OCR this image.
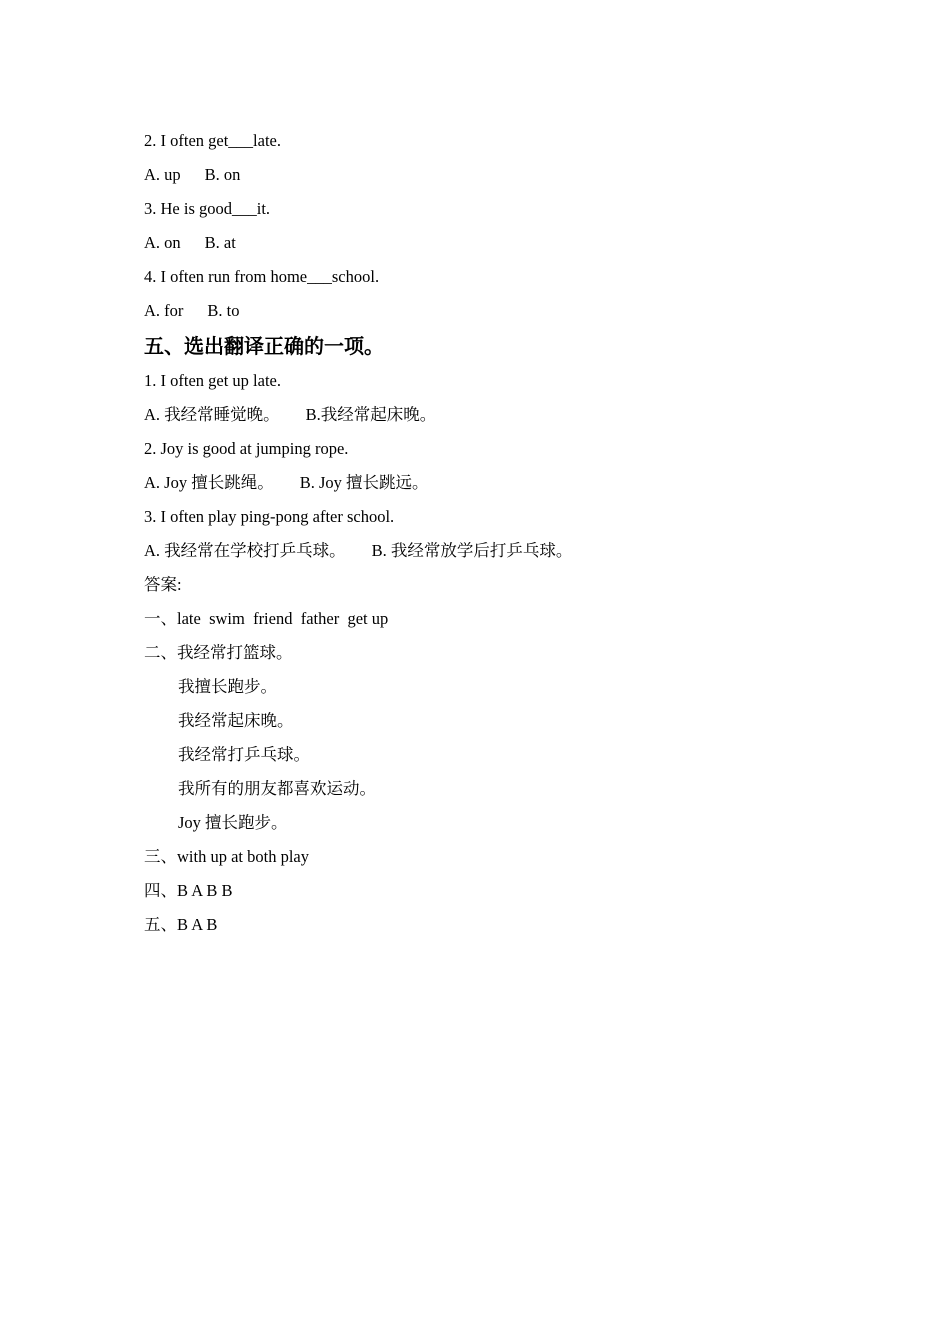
2. I often get___late.
A. up B. on
3. He is good___it.
A. on B. at
4. I often run from home___school.
A. for B. to
五、选出翻译正确的一项。
1. I often get up late.
A. 我经常睡觉晚。 B.我经常起床晚。
2. Joy is good at jumping rope.
A. Joy 擅长跳绳。 B. Joy 擅长跳远。
3. I often play ping-pong after school.
A. 我经常在学校打乒乓球。 B. 我经常放学后打乒乓球。
答案:
一、late  swim  friend  father  get up
二、我经常打篮球。
我擅长跑步。
我经常起床晚。
我经常打乒乓球。
我所有的朋友都喜欢运动。
Joy 擅长跑步。
三、with up at both play
四、B A B B
五、B A B
